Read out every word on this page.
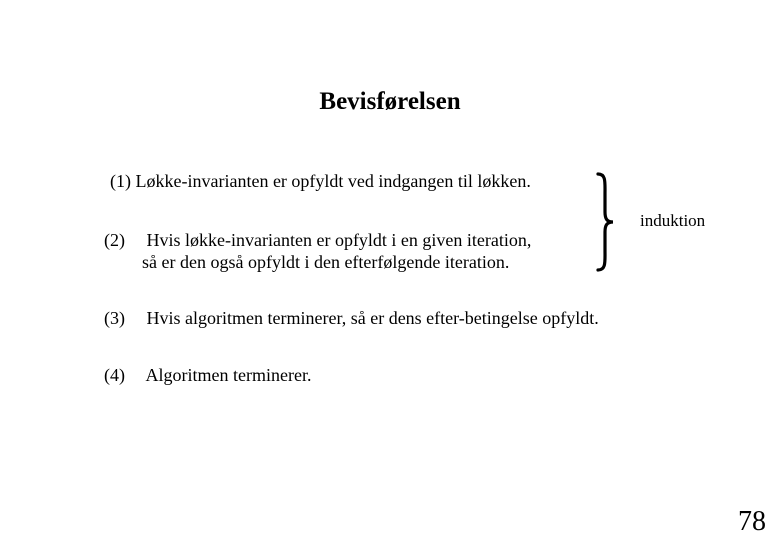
Bevisførelsen
(1) Løkke-invarianten er opfyldt ved indgangen til løkken.
(2) Hvis løkke-invarianten er opfyldt i en given iteration,
så er den også opfyldt i den efterfølgende iteration.
induktion
(3) Hvis algoritmen terminerer, så er dens efter-betingelse opfyldt.
(4) Algoritmen terminerer.
78
